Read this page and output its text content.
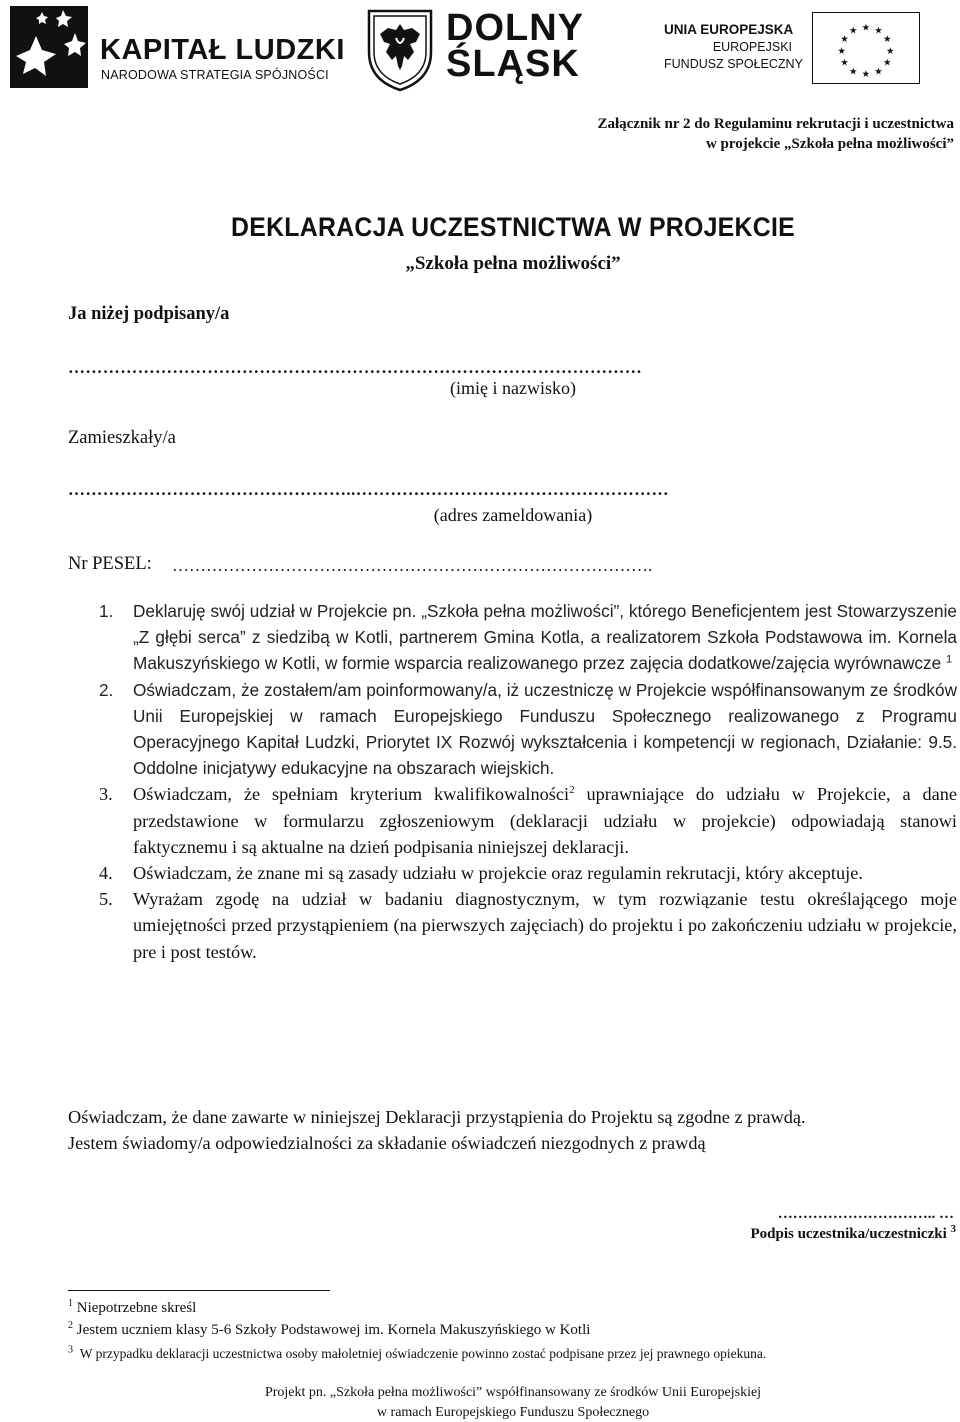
KAPITAŁ LUDZKI
NARODOWA STRATEGIA SPÓJNOŚCI
DOLNY
ŚLĄSK
UNIA EUROPEJSKA
EUROPEJSKI
FUNDUSZ SPOŁECZNY
★ ★
★
★
★
★
★
★
★
★
★
★
Załącznik nr 2 do Regulaminu rekrutacji i uczestnictwa
w projekcie „Szkoła pełna możliwości”
DEKLARACJA UCZESTNICTWA W PROJEKCIE
„Szkoła pełna możliwości”
Ja niżej podpisany/a
………………………………………………………………………………………
(imię i nazwisko)
Zamieszkały/a
…………………………………………..………………………………………………
(adres zameldowania)
Nr PESEL: ………………………………………………………………………….
1. Deklaruję swój udział w Projekcie pn. „Szkoła pełna możliwości”, którego Beneficjentem jest Stowarzyszenie „Z głębi serca” z siedzibą w Kotli, partnerem Gmina Kotla, a realizatorem Szkoła Podstawowa im. Kornela Makuszyńskiego w Kotli, w formie wsparcia realizowanego przez zajęcia dodatkowe/zajęcia wyrównawcze $^1$
2. Oświadczam, że zostałem/am poinformowany/a, iż uczestniczę w Projekcie współfinansowanym ze środków Unii Europejskiej w ramach Europejskiego Funduszu Społecznego realizowanego z Programu Operacyjnego Kapitał Ludzki, Priorytet IX Rozwój wykształcenia i kompetencji w regionach, Działanie: 9.5. Oddolne inicjatywy edukacyjne na obszarach wiejskich.
3. Oświadczam, że spełniam kryterium kwalifikowalności$^2$ uprawniające do udziału w Projekcie, a dane przedstawione w formularzu zgłoszeniowym (deklaracji udziału w projekcie) odpowiadają stanowi faktycznemu i są aktualne na dzień podpisania niniejszej deklaracji.
4. Oświadczam, że znane mi są zasady udziału w projekcie oraz regulamin rekrutacji, który akceptuje.
5. Wyrażam zgodę na udział w badaniu diagnostycznym, w tym rozwiązanie testu określającego moje umiejętności przed przystąpieniem (na pierwszych zajęciach) do projektu i po zakończeniu udziału w projekcie, pre i post testów.
Oświadczam, że dane zawarte w niniejszej Deklaracji przystąpienia do Projektu są zgodne z prawdą.
Jestem świadomy/a odpowiedzialności za składanie oświadczeń niezgodnych z prawdą
………………………….. …
Podpis uczestnika/uczestniczki $^3$
$^1$ Niepotrzebne skreśl
$^2$ Jestem uczniem klasy 5-6 Szkoły Podstawowej im. Kornela Makuszyńskiego w Kotli
$^3$ W przypadku deklaracji uczestnictwa osoby małoletniej oświadczenie powinno zostać podpisane przez jej prawnego opiekuna.
Projekt pn. „Szkoła pełna możliwości” współfinansowany ze środków Unii Europejskiej
w ramach Europejskiego Funduszu Społecznego
